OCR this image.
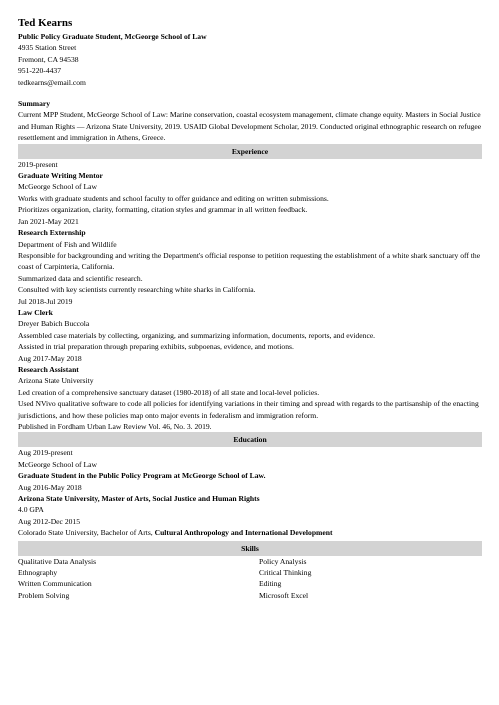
Ted Kearns
Public Policy Graduate Student, McGeorge School of Law
4935 Station Street
Fremont, CA 94538
951-220-4437
tedkearns@email.com
Summary
Current MPP Student, McGeorge School of Law: Marine conservation, coastal ecosystem management, climate change equity. Masters in Social Justice and Human Rights — Arizona State University, 2019. USAID Global Development Scholar, 2019. Conducted original ethnographic research on refugee resettlement and immigration in Athens, Greece.
Experience
2019-present
Graduate Writing Mentor
McGeorge School of Law
Works with graduate students and school faculty to offer guidance and editing on written submissions.
Prioritizes organization, clarity, formatting, citation styles and grammar in all written feedback.
Jan 2021-May 2021
Research Externship
Department of Fish and Wildlife
Responsible for backgrounding and writing the Department's official response to petition requesting the establishment of a white shark sanctuary off the coast of Carpinteria, California.
Summarized data and scientific research.
Consulted with key scientists currently researching white sharks in California.
Jul 2018-Jul 2019
Law Clerk
Dreyer Babich Buccola
Assembled case materials by collecting, organizing, and summarizing information, documents, reports, and evidence.
Assisted in trial preparation through preparing exhibits, subpoenas, evidence, and motions.
Aug 2017-May 2018
Research Assistant
Arizona State University
Led creation of a comprehensive sanctuary dataset (1980-2018) of all state and local-level policies.
Used NVivo qualitative software to code all policies for identifying variations in their timing and spread with regards to the partisanship of the enacting jurisdictions, and how these policies map onto major events in federalism and immigration reform.
Published in Fordham Urban Law Review Vol. 46, No. 3. 2019.
Education
Aug 2019-present
McGeorge School of Law
Graduate Student in the Public Policy Program at McGeorge School of Law.
Aug 2016-May 2018
Arizona State University, Master of Arts, Social Justice and Human Rights
4.0 GPA
Aug 2012-Dec 2015
Colorado State University, Bachelor of Arts, Cultural Anthropology and International Development
Skills
Qualitative Data Analysis	Policy Analysis
Ethnography	Critical Thinking
Written Communication	Editing
Problem Solving	Microsoft Excel
